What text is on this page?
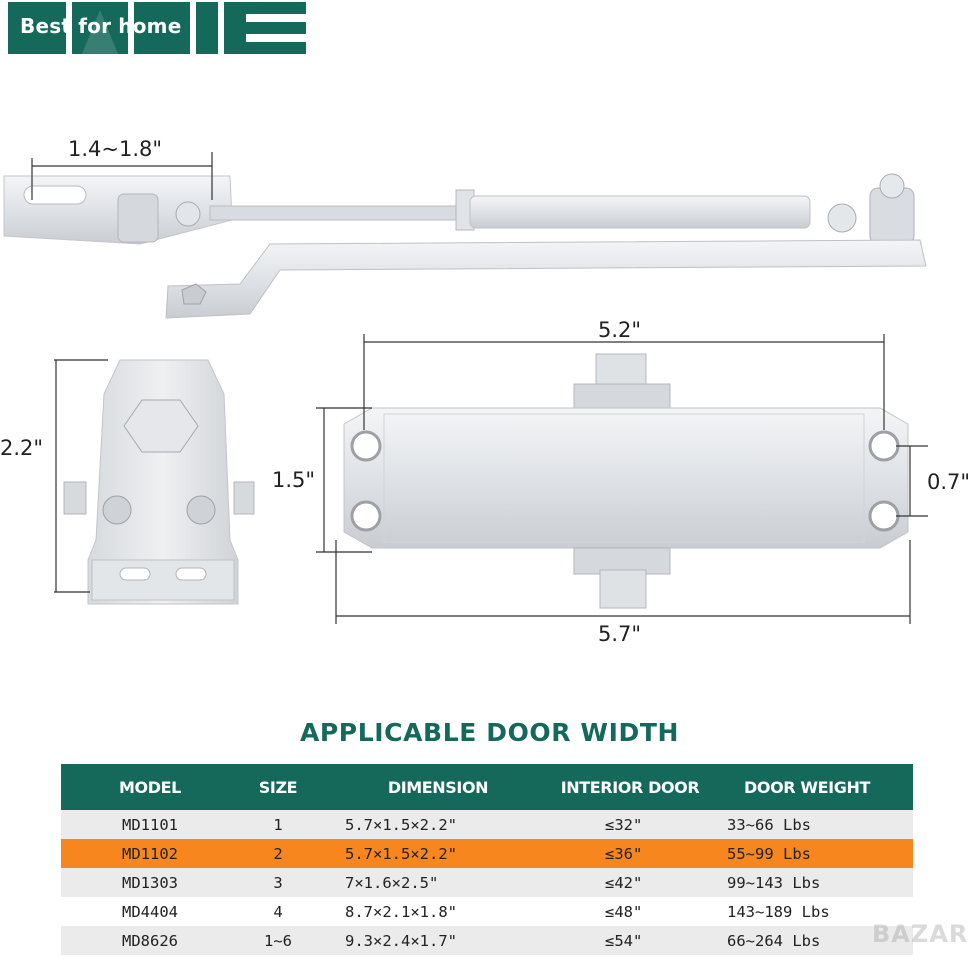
Best for home
1.4~1.8"
5.2"
5.7"
1.5"	0.7"
2.2"
APPLICABLE DOOR WIDTH
MODEL	SIZE	DIMENSION	INTERIOR DOOR	DOOR WEIGHT
MD1101	1	5.7×1.5×2.2"	≤32"	33~66 Lbs
MD1102	2	5.7×1.5×2.2"	≤36"	55~99 Lbs
MD1303	3	7×1.6×2.5"	≤42"	99~143 Lbs
MD4404	4	8.7×2.1×1.8"	≤48"	143~189 Lbs
MD8626	1~6	9.3×2.4×1.7"	≤54"	66~264 Lbs BAZAR
